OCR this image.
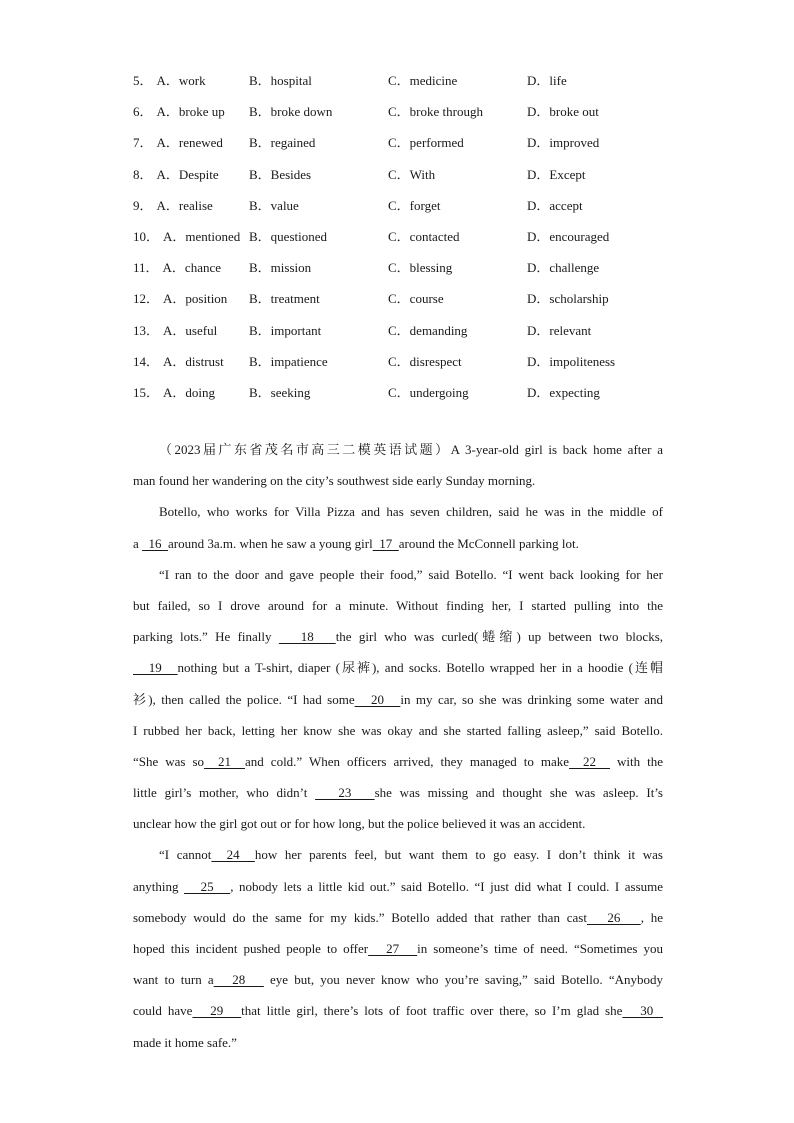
5． A．work	B．hospital	C．medicine	D．life
6． A．broke up	B．broke down	C．broke through	D．broke out
7． A．renewed	B．regained	C．performed	D．improved
8． A．Despite	B．Besides	C．With	D．Except
9． A．realise	B．value	C．forget	D．accept
10． A．mentioned B．questioned	C．contacted	D．encouraged
11． A．chance	B．mission	C．blessing	D．challenge
12． A．position	B．treatment	C．course	D．scholarship
13． A．useful	B．important	C．demanding	D．relevant
14． A．distrust	B．impatience	C．disrespect	D．impoliteness
15． A．doing	B．seeking	C．undergoing	D．expecting
（2023届广东省茂名市高三二模英语试题）A 3-year-old girl is back home after a
man found her wandering on the city’s southwest side early Sunday morning.
Botello, who works for Villa Pizza and has seven children, said he was in the middle of
a   16  around 3a.m. when he saw a young girl  17  around the McConnell parking lot.
“I ran to the door and gave people their food,” said Botello. “I went back looking for her
but failed, so I drove around for a minute. Without finding her, I started pulling into the
parking lots.” He finally    18   the girl who was curled(蜷缩) up between two blocks,
19   nothing but a T-shirt, diaper (尿裤), and socks. Botello wrapped her in a hoodie (连帽
衫), then called the police. “I had some   20   in my car, so she was drinking some water and
I rubbed her back, letting her know she was okay and she started falling asleep,” said Botello.
“She was so  21  and cold.” When officers arrived, they managed to make  22   with the
little girl’s mother, who didn’t    23   she was missing and thought she was asleep. It’s
unclear how the girl got out or for how long, but the police believed it was an accident.
“I cannot  24  how her parents feel, but want them to go easy. I don’t think it was
anything    25   , nobody lets a little kid out.” said Botello. “I just did what I could. I assume
somebody would do the same for my kids.” Botello added that rather than cast   26   , he
hoped this incident pushed people to offer   27   in someone’s time of need. “Sometimes you
want to turn a   28    eye but, you never know who you’re saving,” said Botello. “Anybody
could have   29   that little girl, there’s lots of foot traffic over there, so I’m glad she   30
made it home safe.”
